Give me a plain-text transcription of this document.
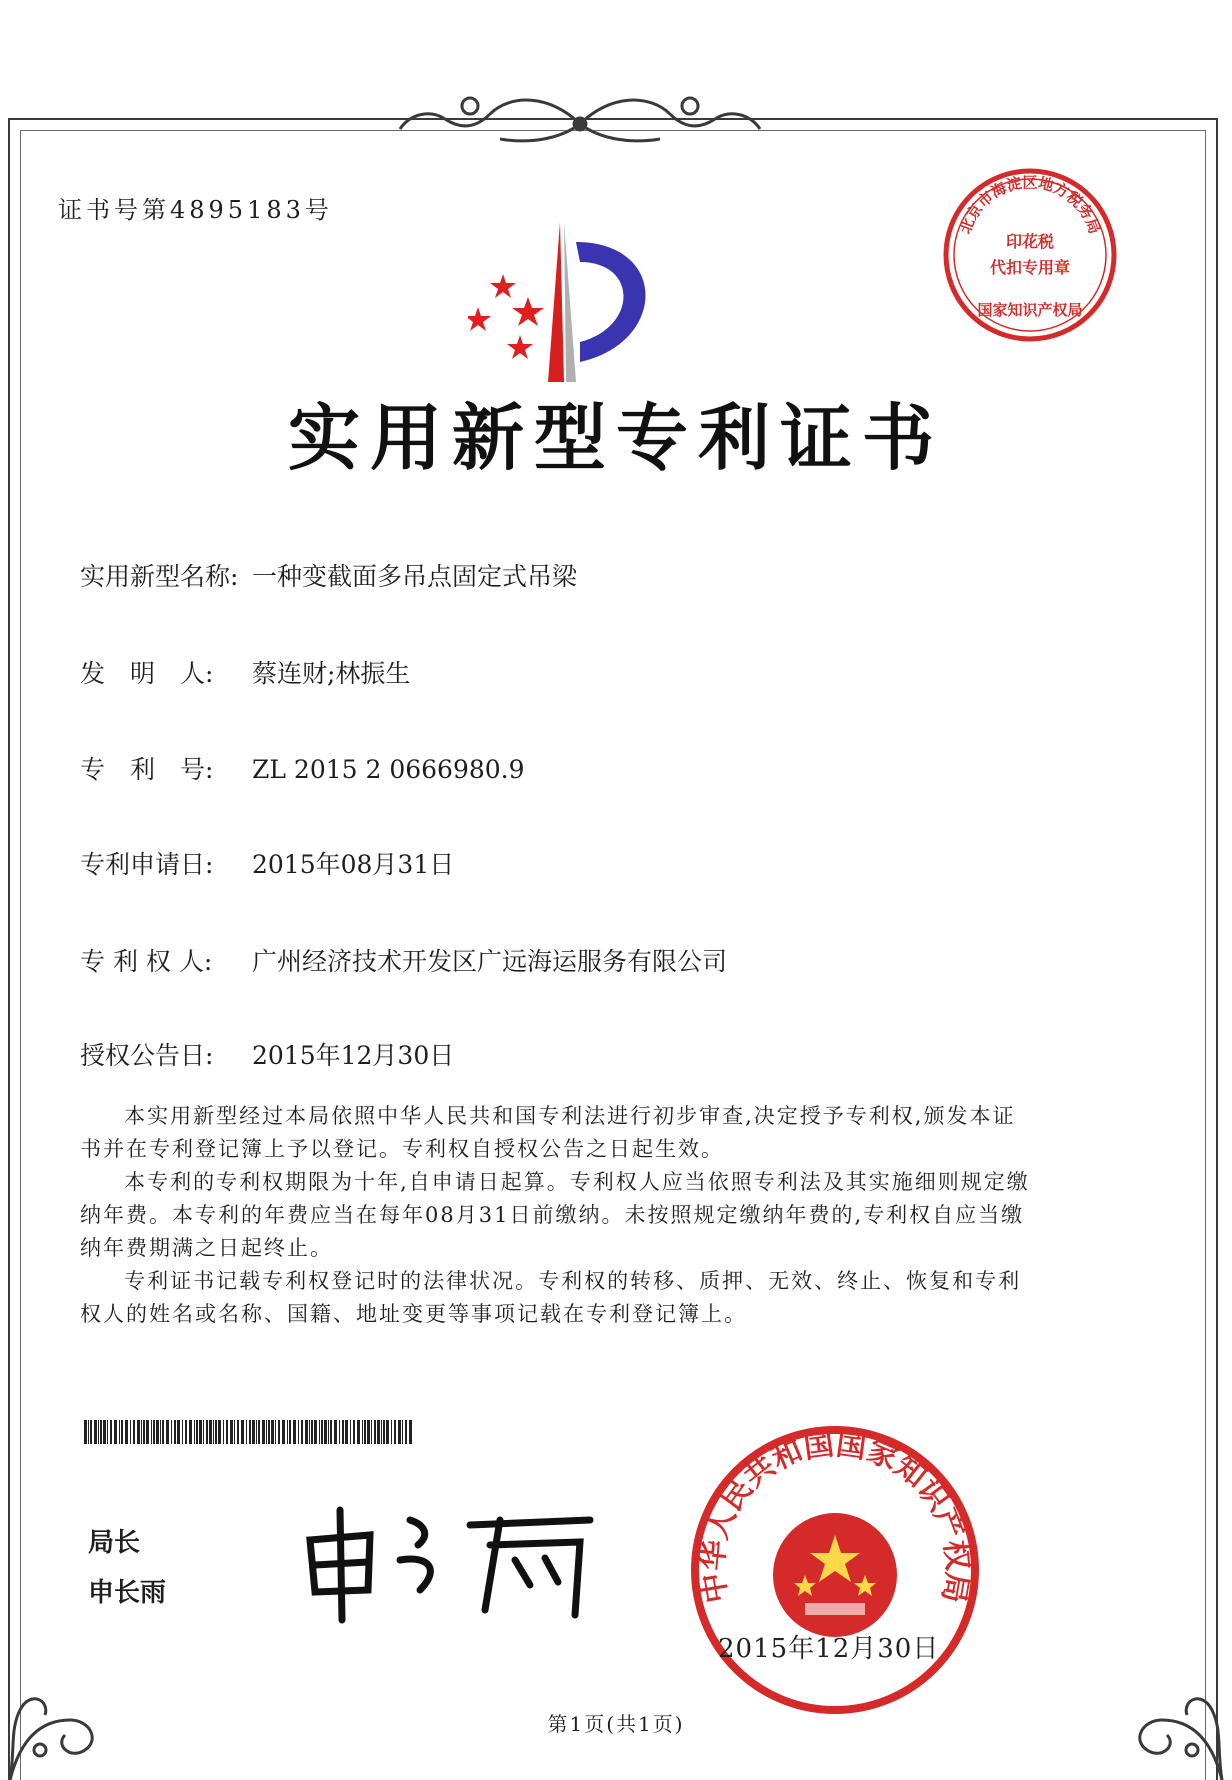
证书号第4895183号
实用新型专利证书
实用新型名称: 一种变截面多吊点固定式吊梁
发　明　人: 蔡连财;林振生
专　利　号: ZL 2015 2 0666980.9
专利申请日: 2015年08月31日
专 利 权 人: 广州经济技术开发区广远海运服务有限公司
授权公告日: 2015年12月30日

本实用新型经过本局依照中华人民共和国专利法进行初步审查,决定授予专利权,颁发本证书并在专利登记簿上予以登记。专利权自授权公告之日起生效。

本专利的专利权期限为十年,自申请日起算。专利权人应当依照专利法及其实施细则规定缴纳年费。本专利的年费应当在每年08月31日前缴纳。未按照规定缴纳年费的,专利权自应当缴纳年费期满之日起终止。

专利证书记载专利权登记时的法律状况。专利权的转移、质押、无效、终止、恢复和专利权人的姓名或名称、国籍、地址变更等事项记载在专利登记簿上。

局长
申长雨
北京市海淀区地方税务局
印花税
代扣专用章
国家知识产权局
中华人民共和国国家知识产权局
2015年12月30日
第1页(共1页)
